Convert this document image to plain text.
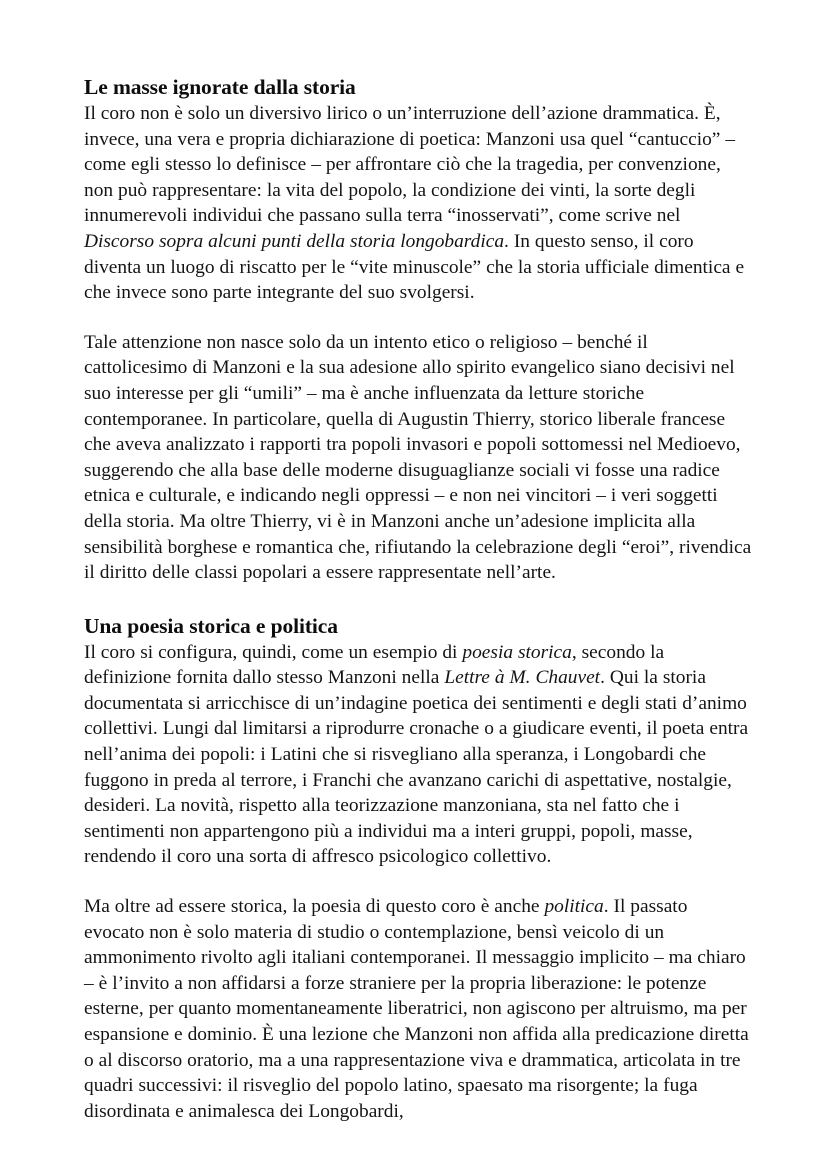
Le masse ignorate dalla storia

Il coro non è solo un diversivo lirico o un’interruzione dell’azione drammatica. È, invece, una vera e propria dichiarazione di poetica: Manzoni usa quel “cantuccio” – come egli stesso lo definisce – per affrontare ciò che la tragedia, per convenzione, non può rappresentare: la vita del popolo, la condizione dei vinti, la sorte degli innumerevoli individui che passano sulla terra “inosservati”, come scrive nel Discorso sopra alcuni punti della storia longobardica. In questo senso, il coro diventa un luogo di riscatto per le “vite minuscole” che la storia ufficiale dimentica e che invece sono parte integrante del suo svolgersi.

Tale attenzione non nasce solo da un intento etico o religioso – benché il cattolicesimo di Manzoni e la sua adesione allo spirito evangelico siano decisivi nel suo interesse per gli “umili” – ma è anche influenzata da letture storiche contemporanee. In particolare, quella di Augustin Thierry, storico liberale francese che aveva analizzato i rapporti tra popoli invasori e popoli sottomessi nel Medioevo, suggerendo che alla base delle moderne disuguaglianze sociali vi fosse una radice etnica e culturale, e indicando negli oppressi – e non nei vincitori – i veri soggetti della storia. Ma oltre Thierry, vi è in Manzoni anche un’adesione implicita alla sensibilità borghese e romantica che, rifiutando la celebrazione degli “eroi”, rivendica il diritto delle classi popolari a essere rappresentate nell’arte.

Una poesia storica e politica

Il coro si configura, quindi, come un esempio di poesia storica, secondo la definizione fornita dallo stesso Manzoni nella Lettre à M. Chauvet. Qui la storia documentata si arricchisce di un’indagine poetica dei sentimenti e degli stati d’animo collettivi. Lungi dal limitarsi a riprodurre cronache o a giudicare eventi, il poeta entra nell’anima dei popoli: i Latini che si risvegliano alla speranza, i Longobardi che fuggono in preda al terrore, i Franchi che avanzano carichi di aspettative, nostalgie, desideri. La novità, rispetto alla teorizzazione manzoniana, sta nel fatto che i sentimenti non appartengono più a individui ma a interi gruppi, popoli, masse, rendendo il coro una sorta di affresco psicologico collettivo.

Ma oltre ad essere storica, la poesia di questo coro è anche politica. Il passato evocato non è solo materia di studio o contemplazione, bensì veicolo di un ammonimento rivolto agli italiani contemporanei. Il messaggio implicito – ma chiaro – è l’invito a non affidarsi a forze straniere per la propria liberazione: le potenze esterne, per quanto momentaneamente liberatrici, non agiscono per altruismo, ma per espansione e dominio. È una lezione che Manzoni non affida alla predicazione diretta o al discorso oratorio, ma a una rappresentazione viva e drammatica, articolata in tre quadri successivi: il risveglio del popolo latino, spaesato ma risorgente; la fuga disordinata e animalesca dei Longobardi,
